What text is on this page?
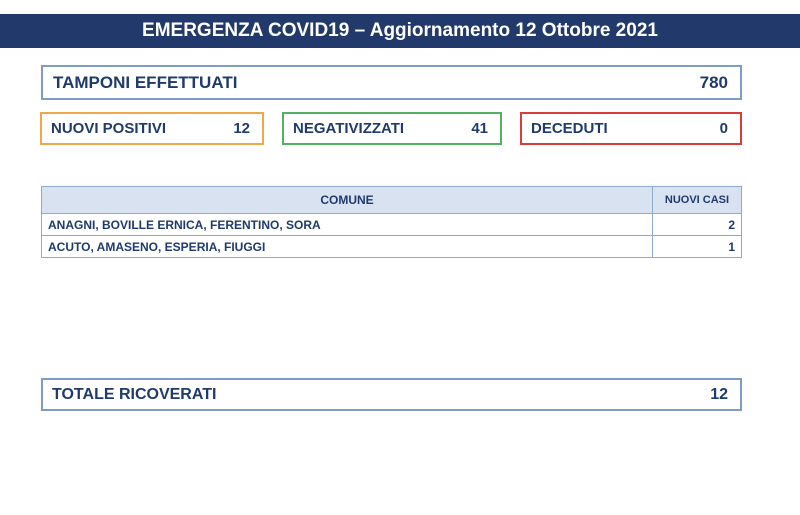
EMERGENZA COVID19 – Aggiornamento 12 Ottobre 2021
TAMPONI EFFETTUATI	780
NUOVI POSITIVI	12	NEGATIVIZZATI	41	DECEDUTI	0
COMUNE	NUOVI CASI
ANAGNI, BOVILLE ERNICA, FERENTINO, SORA	2
ACUTO, AMASENO, ESPERIA, FIUGGI	1
TOTALE RICOVERATI	12
